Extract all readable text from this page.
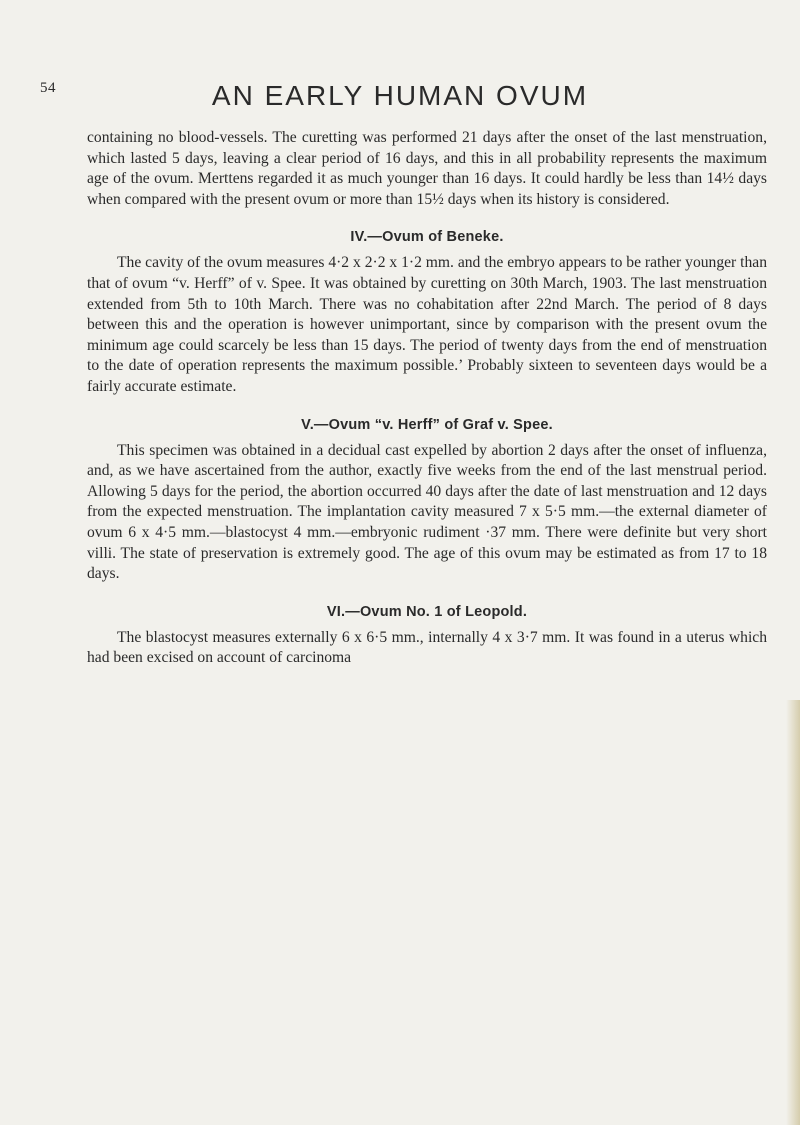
54	AN EARLY HUMAN OVUM

containing no blood-vessels. The curetting was performed 21 days after the onset of the last menstruation, which lasted 5 days, leaving a clear period of 16 days, and this in all probability represents the maximum age of the ovum. Merttens regarded it as much younger than 16 days. It could hardly be less than 14½ days when compared with the present ovum or more than 15½ days when its history is considered.

IV.—Ovum of Beneke.

The cavity of the ovum measures 4·2 x 2·2 x 1·2 mm. and the embryo appears to be rather younger than that of ovum “v. Herff” of v. Spee. It was obtained by curetting on 30th March, 1903. The last menstruation extended from 5th to 10th March. There was no cohabitation after 22nd March. The period of 8 days between this and the operation is however unimportant, since by comparison with the present ovum the minimum age could scarcely be less than 15 days. The period of twenty days from the end of menstruation to the date of operation represents the maximum possible.’ Probably sixteen to seventeen days would be a fairly accurate estimate.

V.—Ovum “v. Herff” of Graf v. Spee.

This specimen was obtained in a decidual cast expelled by abortion 2 days after the onset of influenza, and, as we have ascertained from the author, exactly five weeks from the end of the last menstrual period. Allowing 5 days for the period, the abortion occurred 40 days after the date of last menstruation and 12 days from the expected menstruation. The implantation cavity measured 7 x 5·5 mm.—the external diameter of ovum 6 x 4·5 mm.—blastocyst 4 mm.—embryonic rudiment ·37 mm. There were definite but very short villi. The state of preservation is extremely good. The age of this ovum may be estimated as from 17 to 18 days.

VI.—Ovum No. 1 of Leopold.

The blastocyst measures externally 6 x 6·5 mm., internally 4 x 3·7 mm. It was found in a uterus which had been excised on account of carcinoma
